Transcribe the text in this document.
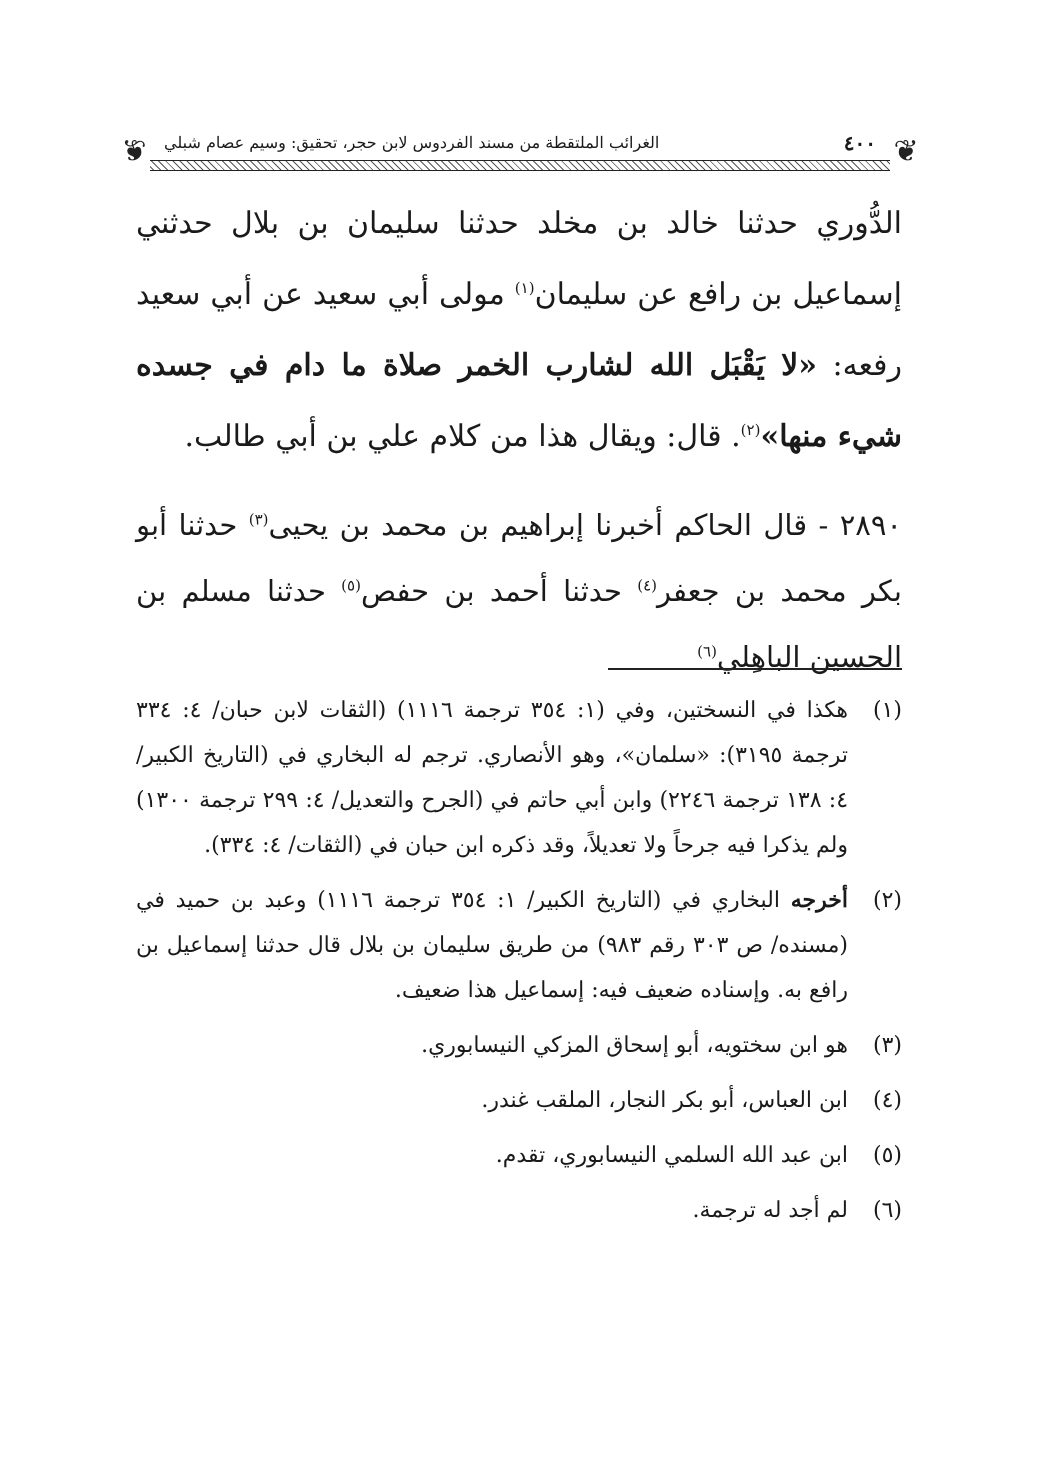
❦
❦	٤٠٠
الغرائب الملتقطة من مسند الفردوس لابن حجر، تحقيق: وسيم عصام شبلي

الدُّوري حدثنا خالد بن مخلد حدثنا سليمان بن بلال حدثني إسماعيل بن رافع عن سليمان$^{(١)}$ مولى أبي سعيد عن أبي سعيد رفعه: «لا يَقْبَل الله لشارب الخمر صلاة ما دام في جسده شيء منها»$^{(٢)}$. قال: ويقال هذا من كلام علي بن أبي طالب.

٢٨٩٠ - قال الحاكم أخبرنا إبراهيم بن محمد بن يحيى$^{(٣)}$ حدثنا أبو بكر محمد بن جعفر$^{(٤)}$ حدثنا أحمد بن حفص$^{(٥)}$ حدثنا مسلم بن الحسين الباهِلي$^{(٦)}$

(١)
هكذا في النسختين، وفي (١: ٣٥٤ ترجمة ١١١٦) (الثقات لابن حبان/ ٤: ٣٣٤ ترجمة ٣١٩٥): «سلمان»، وهو الأنصاري. ترجم له البخاري في (التاريخ الكبير/ ٤: ١٣٨ ترجمة ٢٢٤٦) وابن أبي حاتم في (الجرح والتعديل/ ٤: ٢٩٩ ترجمة ١٣٠٠) ولم يذكرا فيه جرحاً ولا تعديلاً، وقد ذكره ابن حبان في (الثقات/ ٤: ٣٣٤).
(٢)
أخرجه البخاري في (التاريخ الكبير/ ١: ٣٥٤ ترجمة ١١١٦) وعبد بن حميد في (مسنده/ ص ٣٠٣ رقم ٩٨٣) من طريق سليمان بن بلال قال حدثنا إسماعيل بن رافع به. وإسناده ضعيف فيه: إسماعيل هذا ضعيف.
(٣)
هو ابن سختويه، أبو إسحاق المزكي النيسابوري.
(٤)
ابن العباس، أبو بكر النجار، الملقب غندر.
(٥)
ابن عبد الله السلمي النيسابوري، تقدم.
(٦)
لم أجد له ترجمة.
